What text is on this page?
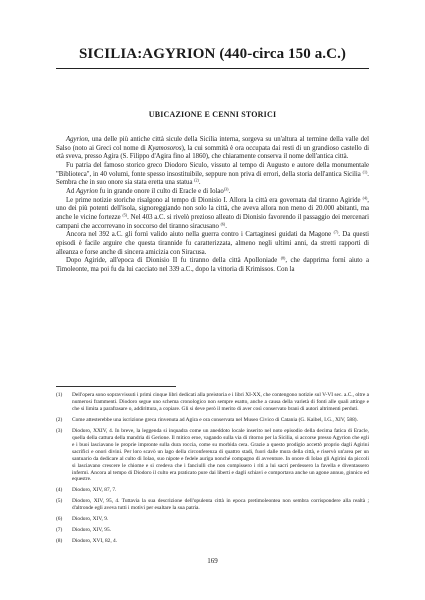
SICILIA:AGYRION (440-circa 150 a.C.)
UBICAZIONE E CENNI STORICI

Agyrion, una delle più antiche città sicule della Sicilia interna, sorgeva su un'altura al termine della valle del Salso (noto ai Greci col nome di Kyamosoros), la cui sommità è ora occupata dai resti di un grandioso castello di età sveva, presso Agira (S. Filippo d'Agira fino al 1860), che chiaramente conserva il nome dell'antica città.

Fu patria del famoso storico greco Diodoro Siculo, vissuto al tempo di Augusto e autore della monumentale "Biblioteca", in 40 volumi, fonte spesso insostituibile, seppure non priva di errori, della storia dell'antica Sicilia $^{(1)}$. Sembra che in suo onore sia stata eretta una statua $^{(2)}$.

Ad Agyrion fu in grande onore il culto di Eracle e di Iolao$^{(3)}$.

Le prime notizie storiche risalgono al tempo di Dionisio I. Allora la città era governata dal tiranno Agiride $^{(4)}$, uno dei più potenti dell'isola, signoreggiando non solo la città, che aveva allora non meno di 20.000 abitanti, ma anche le vicine fortezze $^{(5)}$. Nel 403 a.C. si rivelò prezioso alleato di Dionisio favorendo il passaggio dei mercenari campani che accorrevano in soccorso del tiranno siracusano $^{(6)}$.

Ancora nel 392 a.C. gli fornì valido aiuto nella guerra contro i Cartaginesi guidati da Magone $^{(7)}$. Da questi episodi è facile arguire che questa tirannide fu caratterizzata, almeno negli ultimi anni, da stretti rapporti di alleanza e forse anche di sincera amicizia con Siracusa.

Dopo Agiride, all'epoca di Dionisio II fu tiranno della città Apolloniade $^{(8)}$, che dapprima fornì aiuto a Timoleonte, ma poi fu da lui cacciato nel 339 a.C., dopo la vittoria di Krimissos. Con la

(1)	Dell'opera sono sopravvissuti i primi cinque libri dedicati alla preistoria e i libri XI-XX, che contengono notizie sul V-VI sec. a.C., oltre a numerosi frammenti. Diodoro segue uno schema cronologico non sempre esatto, anche a causa della varietà di fonti alle quali attinge e che si limita a parafrasare o, addirittura, a copiare. Gli si deve però il merito di aver così conservato brani di autori altrimenti perduti.
(2)	Come attesterebbe una iscrizione greca rinvenuta ad Agira e ora conservata nel Museo Civico di Catania (G. Kaibel, I.G., XIV, 588).
(3)	Diodoro, XXIV, 4. In breve, la leggenda si inquadra come un aneddoto locale inserito nel noto episodio della decima fatica di Eracle, quella della cattura della mandria di Gerione. Il mitico eroe, vagando sulla via di ritorno per la Sicilia, si accorse presso Agyrion che egli e i buoi lasciavano le proprie impronte sulla dura roccia, come su morbida cera. Grazie a questo prodigio accettò proprio dagli Agirini sacrifici e onori divini. Per loro scavò un lago della circonferenza di quattro stadi, fuori dalle mura della città, e riservò un'area per un santuario da dedicare al culto di Iolao, suo nipote e fedele auriga nonché compagno di avventure. In onore di Iolao gli Agirini da piccoli si lasciavano crescere le chiome e si credeva che i fanciulli che non compissero i riti a lui sacri perdessero la favella e diventassero infermi. Ancora al tempo di Diodoro il culto era praticato pure dai liberti e dagli schiavi e comportava anche un agone annuo, ginnico ed equestre.
(4)	Diodoro, XIV, 87, 7.
(5)	Diodoro, XIV, 95, 4. Tuttavia la sua descrizione dell'opulenta città in epoca pretimoleontea non sembra corrispondere alla realtà ; d'altronde egli aveva tutti i motivi per esaltare la sua patria.
(6)	Diodoro, XIV, 9.
(7)	Diodoro, XIV, 95.
(8)	Diodoro, XVI, 82, 4.
169
